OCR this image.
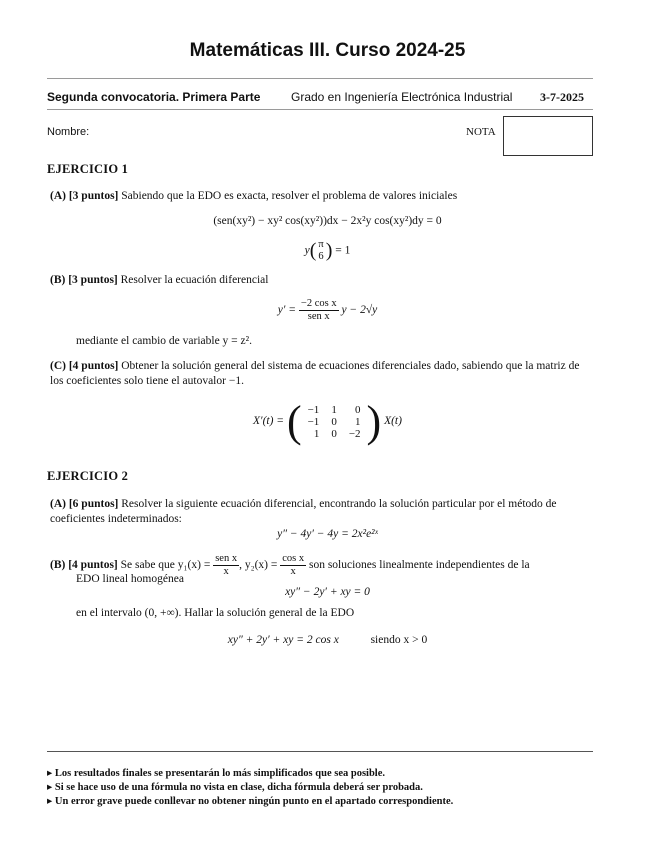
Matemáticas III. Curso 2024-25
Segunda convocatoria. Primera Parte	Grado en Ingeniería Electrónica Industrial 3-7-2025
Nombre:	NOTA
EJERCICIO 1
(A) [3 puntos] Sabiendo que la EDO es exacta, resolver el problema de valores iniciales
(sen(xy²) − xy² cos(xy²))dx − 2x²y cos(xy²)dy = 0
y( π
6 ) = 1
(B) [3 puntos] Resolver la ecuación diferencial
$y' = \frac{\text{−2 cos x}}{\text{sen x}}$ y − 2√y
mediante el cambio de variable y = z².
(C) [4 puntos] Obtener la solución general del sistema de ecuaciones diferenciales dado, sabiendo que la matriz de los coeficientes solo tiene el autovalor −1.
X′(t) = ( −1	1	0
−1	0	1
1	0	−2 ) X(t)
EJERCICIO 2
(A) [6 puntos] Resolver la siguiente ecuación diferencial, encontrando la solución particular por el método de coeficientes indeterminados:
y″ − 4y′ − 4y = 2x²e²ˣ
(B) [4 puntos] Se sabe que $y_1(x) = \frac{\text{sen x}}{x}$ , $y_2(x) = \frac{\text{cos x}}{x}$ son soluciones linealmente independientes de la
EDO lineal homogénea
xy″ − 2y′ + xy = 0
en el intervalo (0, +∞). Hallar la solución general de la EDO
xy″ + 2y′ + xy = 2 cos x	siendo x > 0
▸ Los resultados finales se presentarán lo más simplificados que sea posible.
▸ Si se hace uso de una fórmula no vista en clase, dicha fórmula deberá ser probada.
▸ Un error grave puede conllevar no obtener ningún punto en el apartado correspondiente.
